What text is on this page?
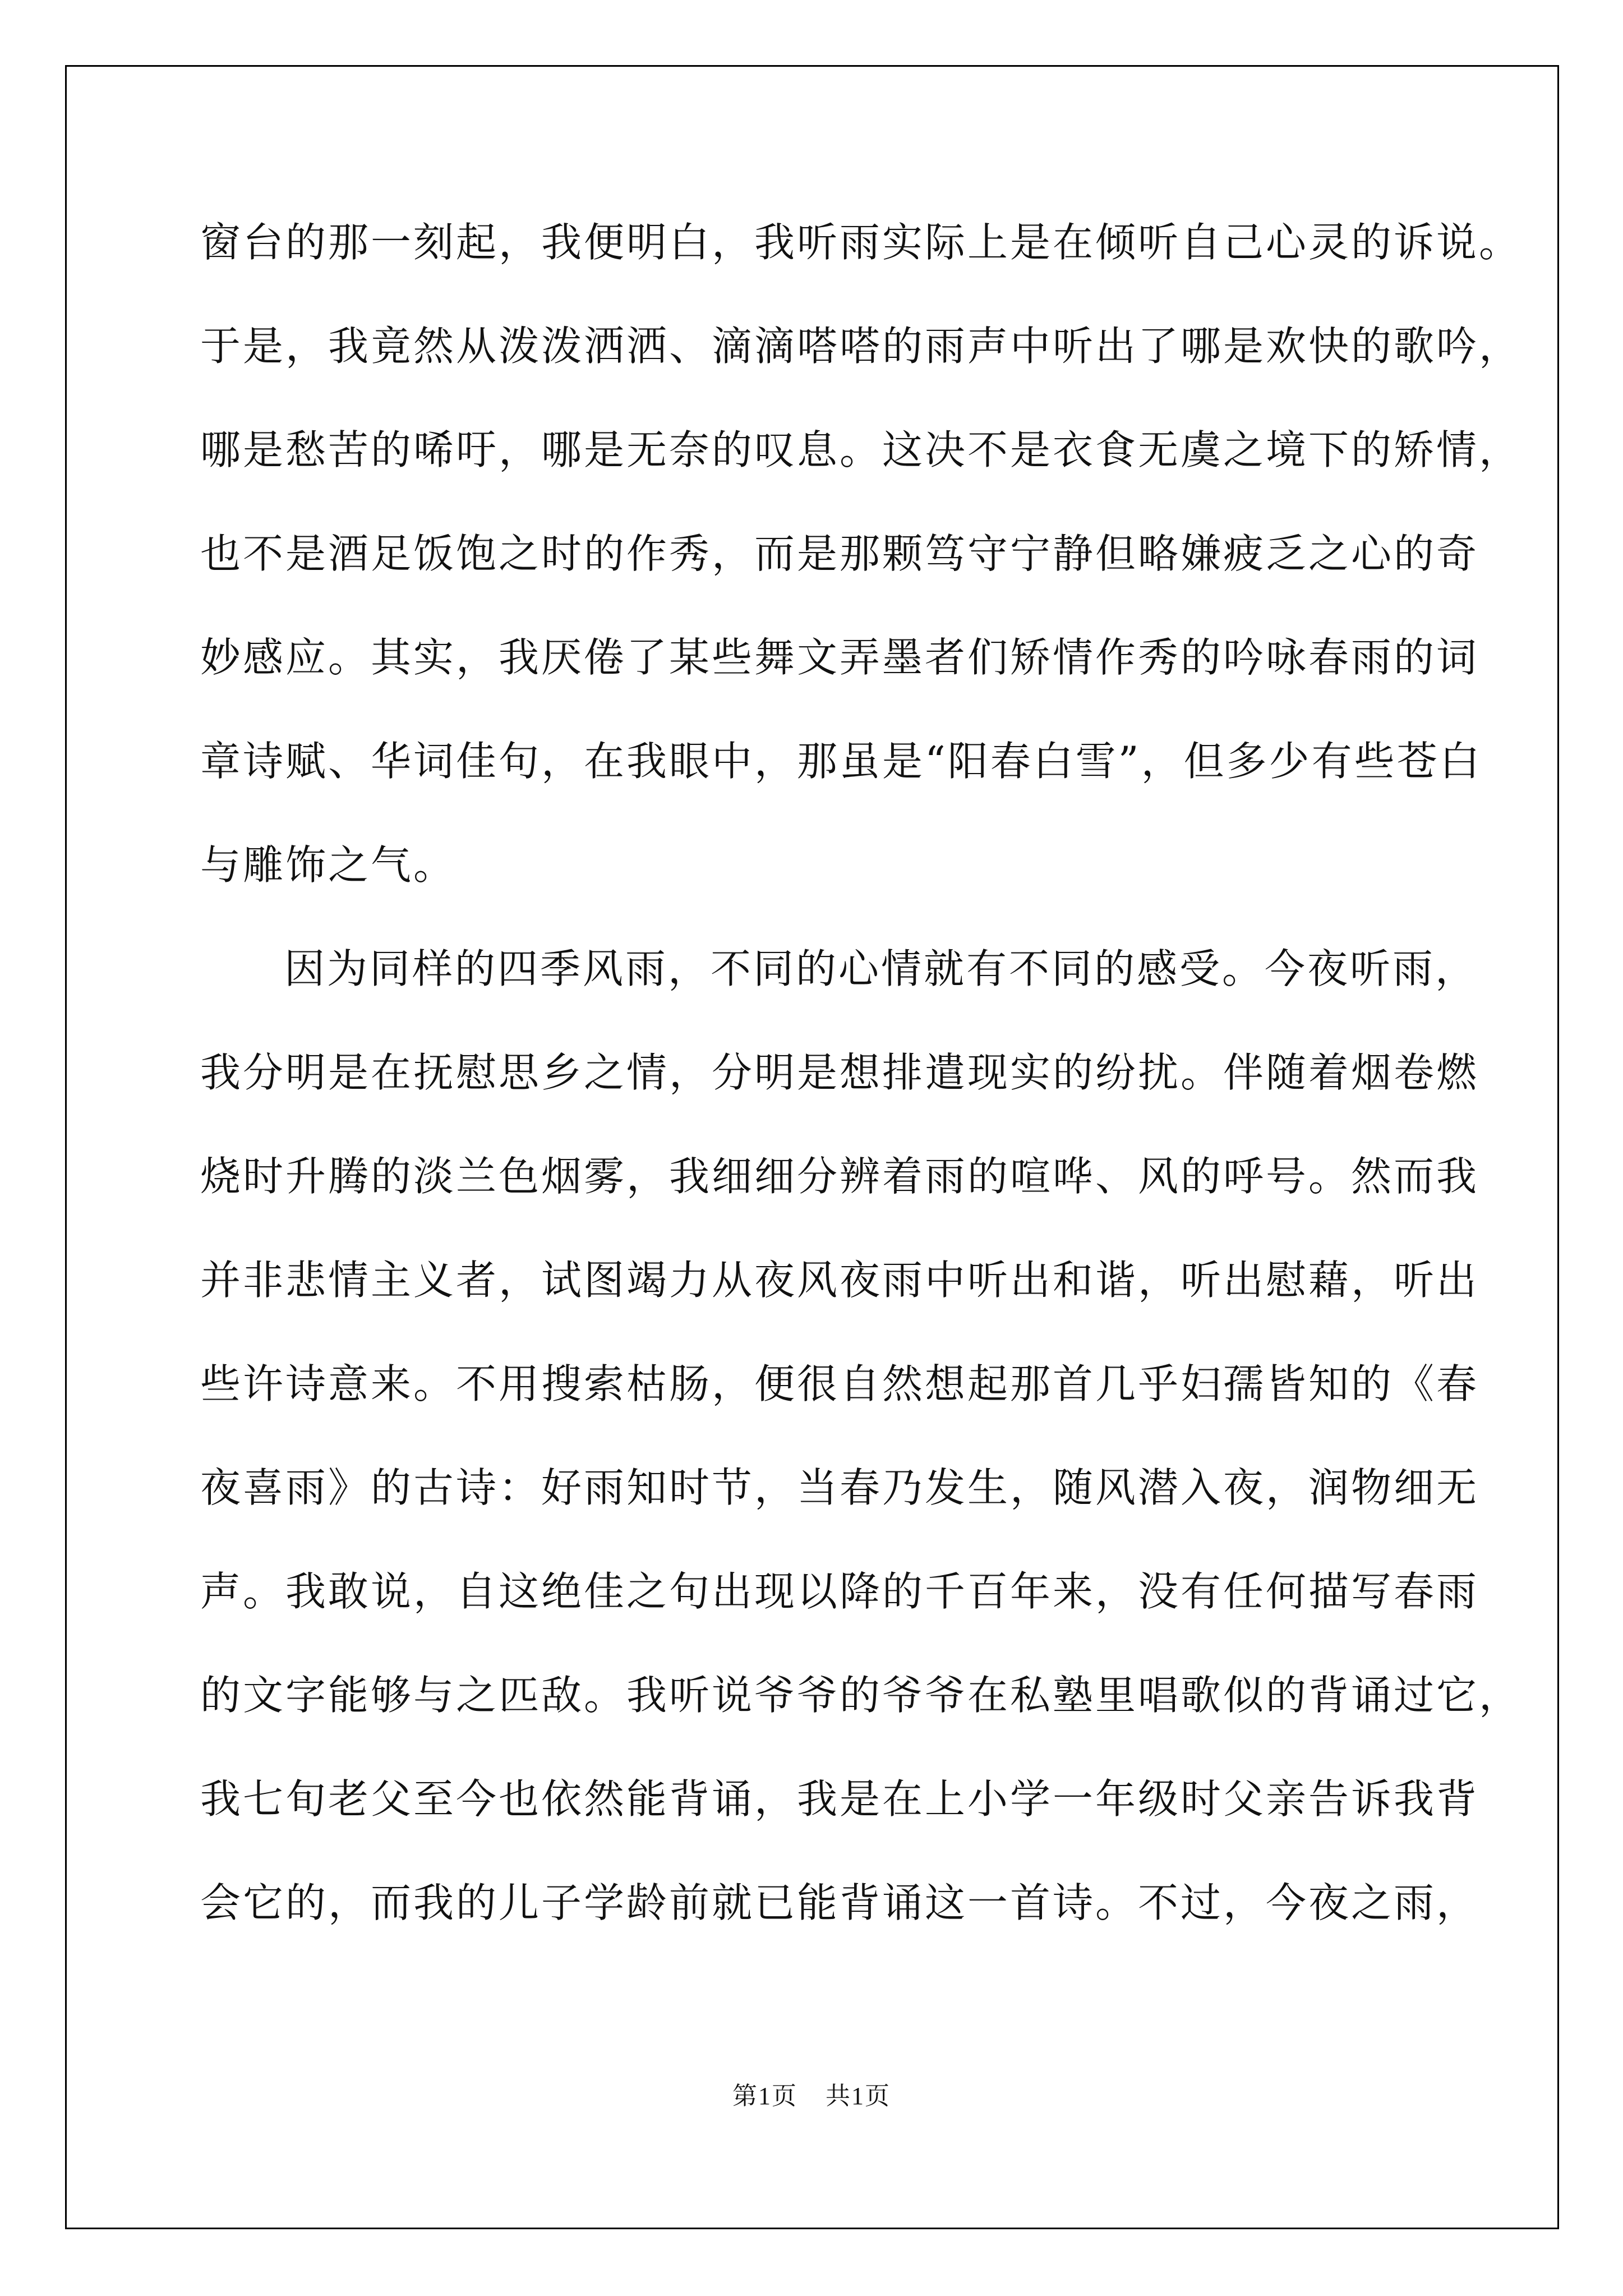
窗台的那一刻起，我便明白，我听雨实际上是在倾听自己心灵的诉说。
于是，我竟然从泼泼洒洒、滴滴嗒嗒的雨声中听出了哪是欢快的歌吟，
哪是愁苦的唏吁，哪是无奈的叹息。这决不是衣食无虞之境下的矫情，
也不是酒足饭饱之时的作秀，而是那颗笃守宁静但略嫌疲乏之心的奇
妙感应。其实，我厌倦了某些舞文弄墨者们矫情作秀的吟咏春雨的词
章诗赋、华词佳句，在我眼中，那虽是“阳春白雪”，但多少有些苍白
与雕饰之气。
因为同样的四季风雨，不同的心情就有不同的感受。今夜听雨，
我分明是在抚慰思乡之情，分明是想排遣现实的纷扰。伴随着烟卷燃
烧时升腾的淡兰色烟雾，我细细分辨着雨的喧哗、风的呼号。然而我
并非悲情主义者，试图竭力从夜风夜雨中听出和谐，听出慰藉，听出
些许诗意来。不用搜索枯肠，便很自然想起那首几乎妇孺皆知的《春
夜喜雨》的古诗：好雨知时节，当春乃发生，随风潜入夜，润物细无
声。我敢说，自这绝佳之句出现以降的千百年来，没有任何描写春雨
的文字能够与之匹敌。我听说爷爷的爷爷在私塾里唱歌似的背诵过它，
我七旬老父至今也依然能背诵，我是在上小学一年级时父亲告诉我背
会它的，而我的儿子学龄前就已能背诵这一首诗。不过，今夜之雨，
第1页 共1页
